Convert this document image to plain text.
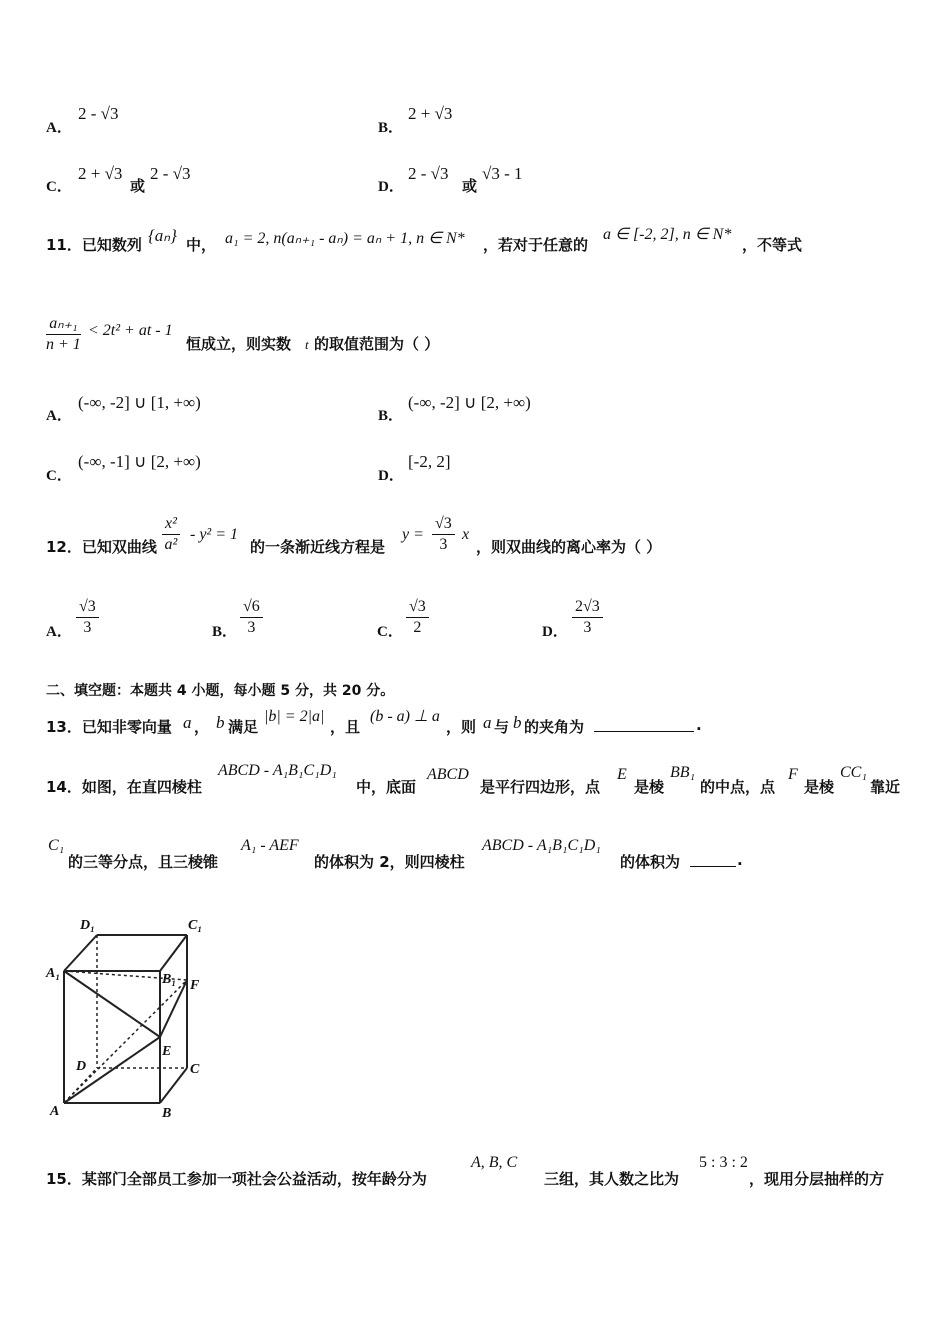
A．
2 - √3
B．
2 + √3
C．
2 + √3
或
2 - √3
D．
2 - √3
或
√3 - 1
11．已知数列 {aₙ} 中， a₁ = 2, n(aₙ₊₁ - aₙ) = aₙ + 1, n ∈ N* ，若对于任意的
a ∈ [-2, 2], n ∈ N*
，不等式
$\frac{\text{aₙ₊₁}}{n + 1} < 2t^2$ + at - 1
恒成立，则实数 t 的取值范围为（ ）
A．
(-∞, -2] ∪ [1, +∞)
B．
(-∞, -2] ∪ [2, +∞)
C．
(-∞, -1] ∪ [2, +∞)
D．
[-2, 2]
12．已知双曲线 $\frac{\text{x²}}{\text{a²}} - y^2 = 1$
的一条渐近线方程是
$y = \frac{√3}{3}$ x
，则双曲线的离心率为（ ）
A． $\frac{√3}{3}$	B． $\frac{√6}{3}$	C． $\frac{√3}{2}$	D． $\frac{2√3}{3}$
二、填空题：本题共 4 小题，每小题 5 分，共 20 分。
13．已知非零向量 a ， b 满足
|b| = 2|a|
，且
(b - a) ⊥ a
，则 a 与 b 的夹角为	.
14．如图，在直四棱柱
ABCD - A₁B₁C₁D₁
中，底面
ABCD
是平行四边形，点
E
是棱
BB₁
的中点，点
F
是棱
CC₁
靠近
C₁
的三等分点，且三棱锥
A₁ - AEF
的体积为 2，则四棱柱
ABCD - A₁B₁C₁D₁
的体积为	.
D₁	C₁
A₁	B₁ F
E
D	C
A	B
15．某部门全部员工参加一项社会公益活动，按年龄分为
A, B, C
三组，其人数之比为
5 : 3 : 2
，现用分层抽样的方
